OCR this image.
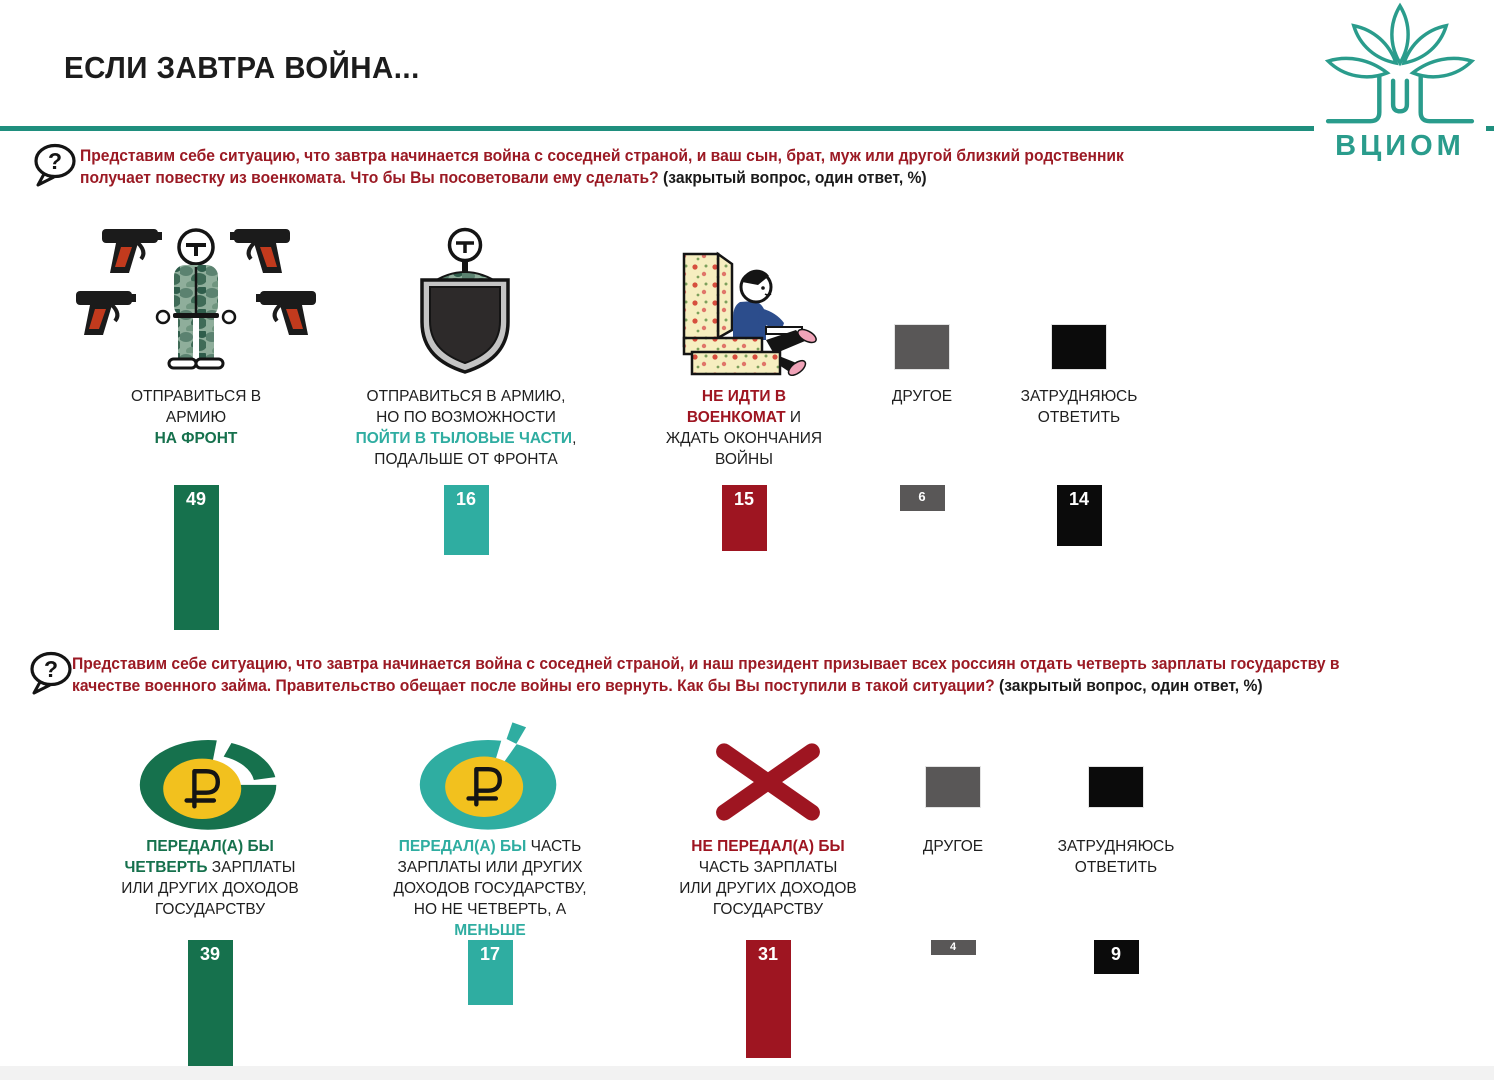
ЕСЛИ ЗАВТРА ВОЙНА...
ВЦИОМ
? Представим себе ситуацию, что завтра начинается война с соседней страной, и ваш сын, брат, муж или другой близкий родственник получает повестку из военкомата. Что бы Вы посоветовали ему сделать? (закрытый вопрос, один ответ, %)
ОТПРАВИТЬСЯ В
АРМИЮ
НА ФРОНТ
49
ОТПРАВИТЬСЯ В АРМИЮ,
НО ПО ВОЗМОЖНОСТИ
ПОЙТИ В ТЫЛОВЫЕ ЧАСТИ,
ПОДАЛЬШЕ ОТ ФРОНТА
16
НЕ ИДТИ В
ВОЕНКОМАТ И
ЖДАТЬ ОКОНЧАНИЯ
ВОЙНЫ
15
ДРУГОЕ
6
ЗАТРУДНЯЮСЬ
ОТВЕТИТЬ
14
? Представим себе ситуацию, что завтра начинается война с соседней страной, и наш президент призывает всех россиян отдать четверть зарплаты государству в качестве военного займа. Правительство обещает после войны его вернуть. Как бы Вы поступили в такой ситуации? (закрытый вопрос, один ответ, %)
ПЕРЕДАЛ(А) БЫ
ЧЕТВЕРТЬ ЗАРПЛАТЫ
ИЛИ ДРУГИХ ДОХОДОВ
ГОСУДАРСТВУ
39
ПЕРЕДАЛ(А) БЫ ЧАСТЬ
ЗАРПЛАТЫ ИЛИ ДРУГИХ
ДОХОДОВ ГОСУДАРСТВУ,
НО НЕ ЧЕТВЕРТЬ, А
МЕНЬШЕ
17
НЕ ПЕРЕДАЛ(А) БЫ
ЧАСТЬ ЗАРПЛАТЫ
ИЛИ ДРУГИХ ДОХОДОВ
ГОСУДАРСТВУ
31
ДРУГОЕ
4
ЗАТРУДНЯЮСЬ
ОТВЕТИТЬ
9
